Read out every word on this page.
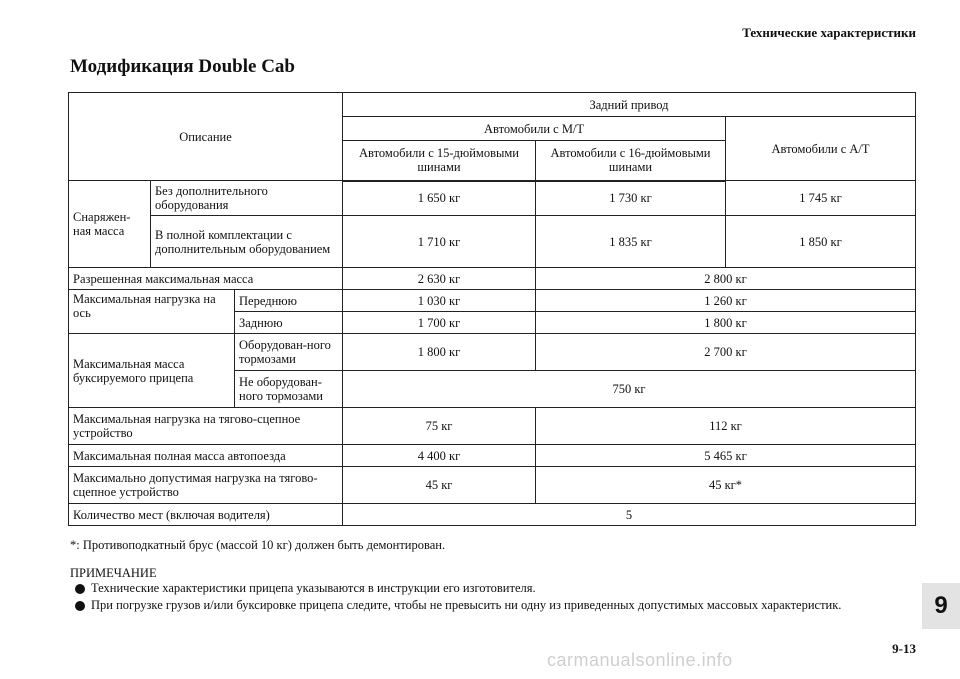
Технические характеристики
Модификация Double Cab
Описание			Задний привод		
			Автомобили с M/T		Автомобили с A/T
			Автомобили с 15-дюймовыми шинами	Автомобили с 16-дюймовыми шинами	
Снаряжен-ная масса	Без дополнительного оборудования		1 650 кг	1 730 кг	1 745 кг
	В полной комплектации с дополнительным оборудованием		1 710 кг	1 835 кг	1 850 кг
Разрешенная максимальная масса			2 630 кг	2 800 кг	
Максимальная нагрузка на ось		Переднюю	1 030 кг	1 260 кг	
		Заднюю	1 700 кг	1 800 кг	
Максимальная масса буксируемого прицепа		Оборудован-ного тормозами	1 800 кг	2 700 кг	
		Не оборудован-ного тормозами	750 кг		
Максимальная нагрузка на тягово-сцепное устройство			75 кг	112 кг	
Максимальная полная масса автопоезда			4 400 кг	5 465 кг	
Максимально допустимая нагрузка на тягово-сцепное устройство			45 кг	45 кг*	
Количество мест (включая водителя)			5		
*: Противоподкатный брус (массой 10 кг) должен быть демонтирован.
ПРИМЕЧАНИЕ
Технические характеристики прицепа указываются в инструкции его изготовителя.
При погрузке грузов и/или буксировке прицепа следите, чтобы не превысить ни одну из приведенных допустимых массовых характеристик.	9
9-13
carmanualsonline.info
